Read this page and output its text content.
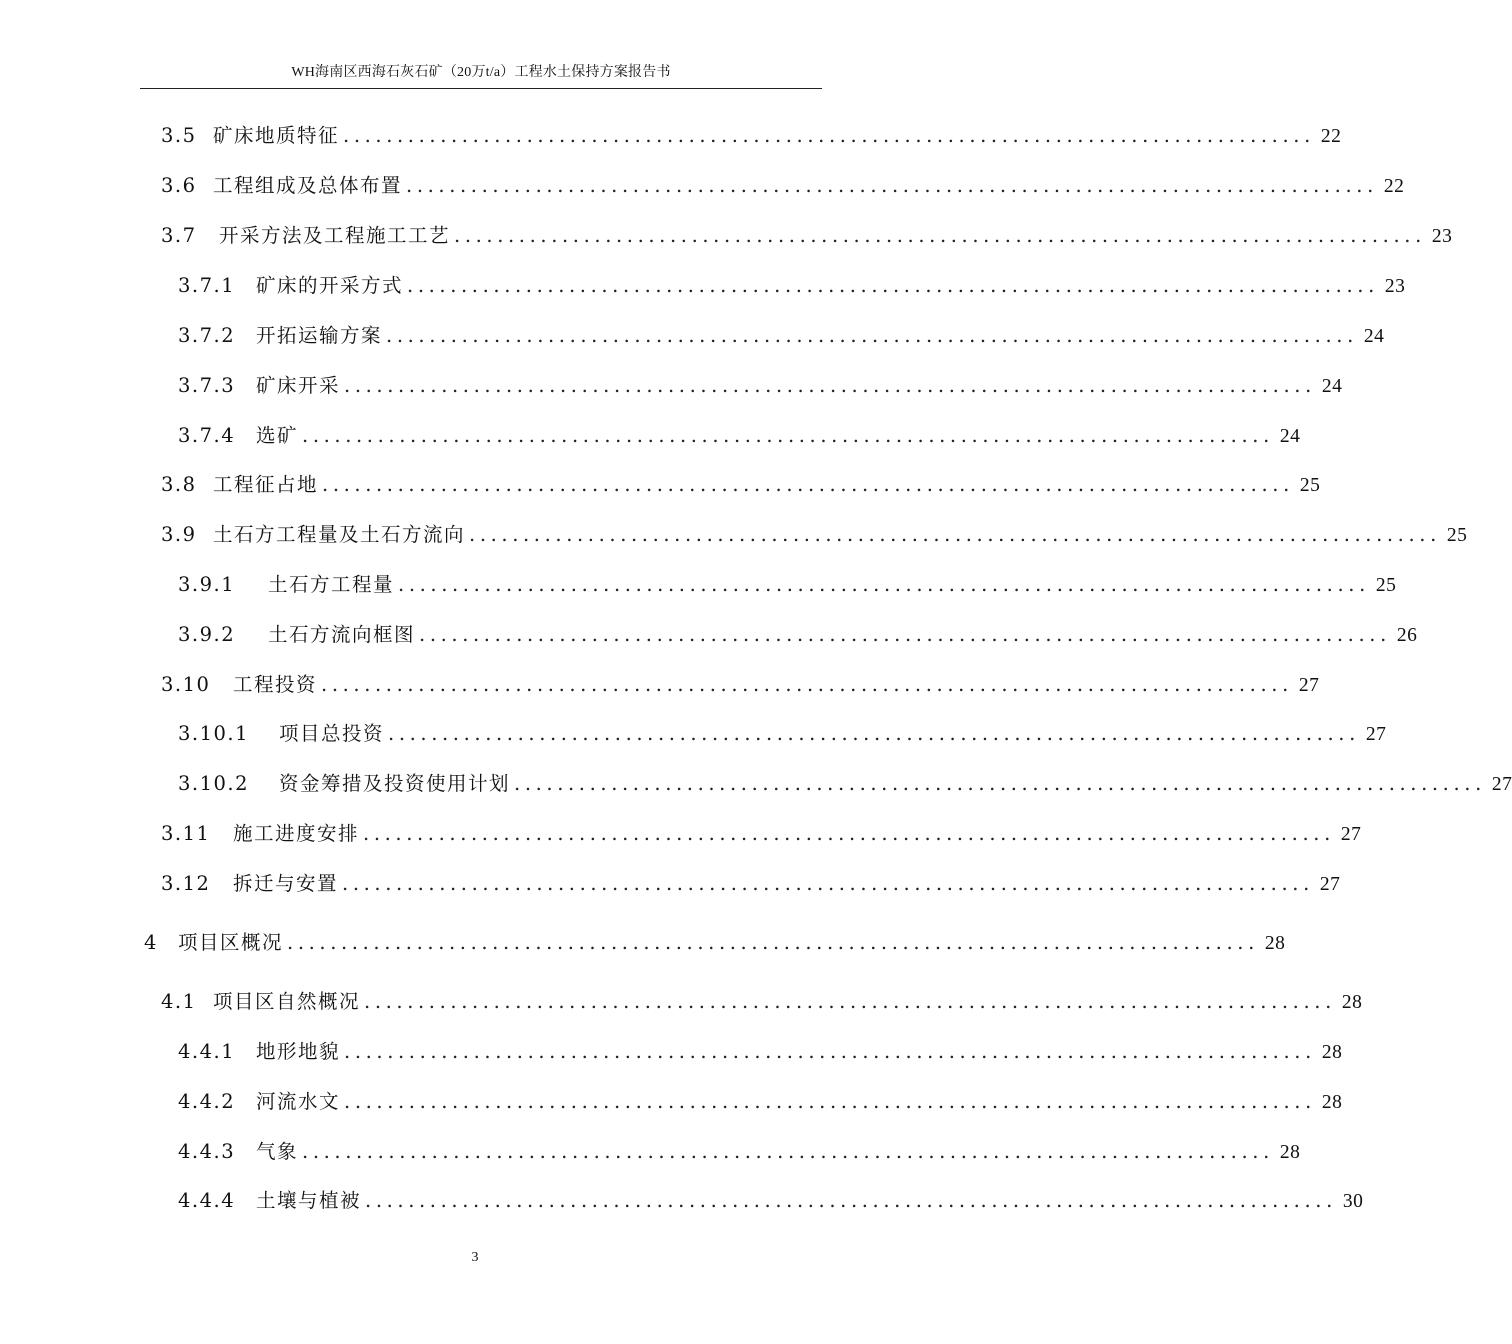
WH海南区西海石灰石矿（20万t/a）工程水土保持方案报告书
3.5 矿床地质特征 .......................................................................................... 22
3.6 工程组成及总体布置 .......................................................................................... 22
3.7	开采方法及工程施工工艺 .......................................................................................... 23
3.7.1	矿床的开采方式 .......................................................................................... 23
3.7.2	开拓运输方案 .......................................................................................... 24
3.7.3	矿床开采 .......................................................................................... 24
3.7.4	选矿 .......................................................................................... 24
3.8 工程征占地 .......................................................................................... 25
3.9 土石方工程量及土石方流向 .......................................................................................... 25
3.9.1	土石方工程量 .......................................................................................... 25
3.9.2	土石方流向框图 .......................................................................................... 26
3.10	工程投资 .......................................................................................... 27
3.10.1	项目总投资 .......................................................................................... 27
3.10.2	资金筹措及投资使用计划 .......................................................................................... 27
3.11	施工进度安排 .......................................................................................... 27
3.12	拆迁与安置 .......................................................................................... 27
4	项目区概况 .......................................................................................... 28
4.1 项目区自然概况 .......................................................................................... 28
4.4.1	地形地貌 .......................................................................................... 28
4.4.2	河流水文 .......................................................................................... 28
4.4.3	气象 .......................................................................................... 28
4.4.4	土壤与植被 .......................................................................................... 30
3
